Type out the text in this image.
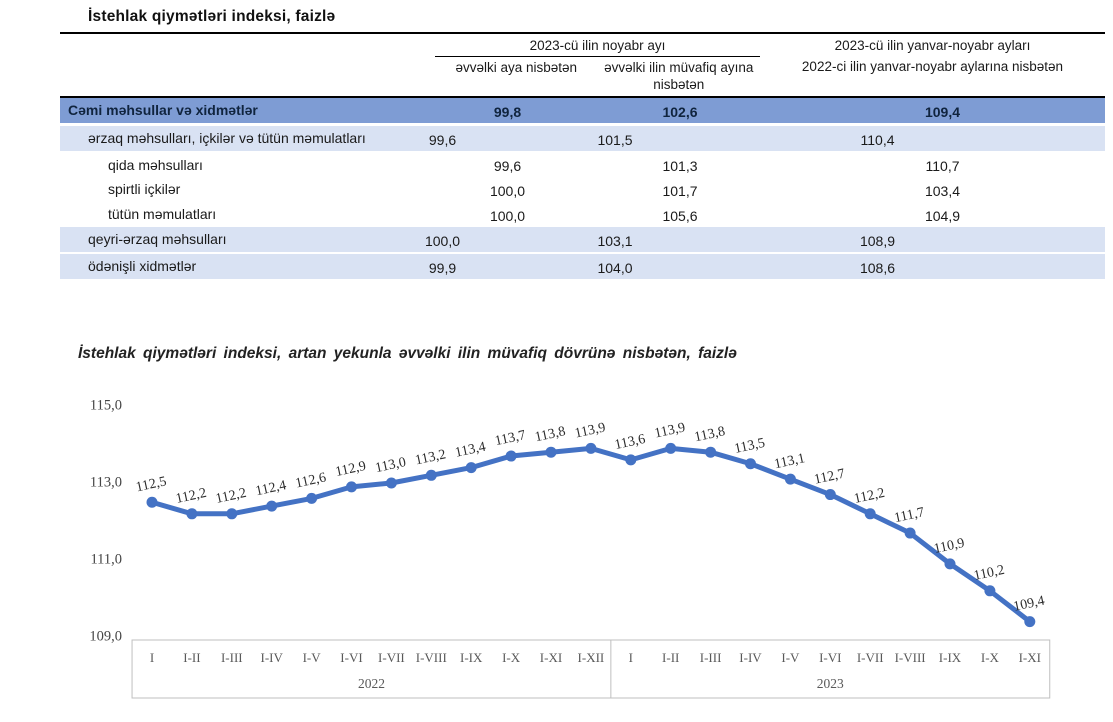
İstehlak qiymətləri indeksi, faizlə
2023-cü ilin noyabr ayı
əvvəlki aya nisbətən	əvvəlki ilin müvafiq ayına nisbətən
2023-cü ilin yanvar-noyabr ayları
2022-ci ilin yanvar-noyabr aylarına nisbətən
Cəmi məhsullar və xidmətlər	99,8	102,6	109,4
ərzaq məhsulları, içkilər və tütün məmulatları	99,6	101,5	110,4
qida məhsulları	99,6	101,3	110,7
spirtli içkilər	100,0	101,7	103,4
tütün məmulatları	100,0	105,6	104,9
qeyri-ərzaq məhsulları	100,0	103,1	108,9
ödənişli xidmətlər	99,9	104,0	108,6
İstehlak qiymətləri indeksi, artan yekunla əvvəlki ilin müvafiq dövrünə nisbətən, faizlə
115,0
113,0
111,0
109,0
I I-II I-III I-IV I-V I-VI I-VII I-VIII I-IX I-X I-XI I-XII I I-II I-III I-IV I-V I-VI I-VII I-VIII I-IX I-X I-XI
2022	2023
112,5
112,2 112,2 112,4 112,6
112,9 113,0 113,2 113,4
113,7 113,8 113,9
113,6
113,9 113,8
113,5
113,1
112,7
112,2
111,7
110,9
110,2
109,4
